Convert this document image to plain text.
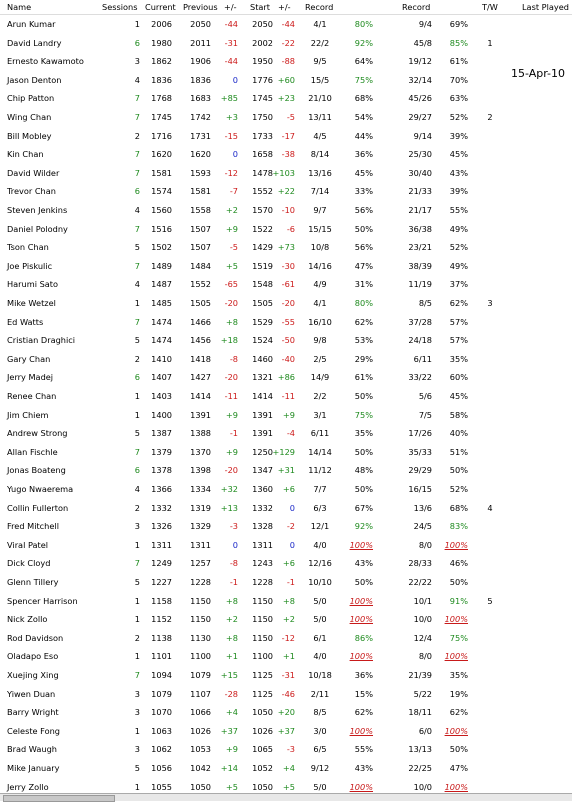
Name	Sessions Current Previous +/- Start +/- Record	Record	T/W	Last Played
15-Apr-10
Arun Kumar	1	2006	2050	-44	2050	-44	4/1	80%	9/4	69%
David Landry	6	1980	2011	-31	2002	-22	22/2	92%	45/8	85% 1
Ernesto Kawamoto	3	1862	1906	-44	1950	-88	9/5	64%	19/12	61%
Jason Denton	4	1836	1836	0	1776 +60	15/5	75%	32/14	70%
Chip Patton	7	1768	1683	+85	1745 +23	21/10	68%	45/26	63%
Wing Chan	7	1745	1742	+3	1750	-5	13/11	54%	29/27	52% 2
Bill Mobley	2	1716	1731	-15	1733	-17	4/5	44%	9/14	39%
Kin Chan	7	1620	1620	0	1658	-38	8/14	36%	25/30	45%
David Wilder	7	1581	1593	-12	1478 +103	13/16	45%	30/40	43%
Trevor Chan	6	1574	1581	-7	1552 +22	7/14	33%	21/33	39%
Steven Jenkins	4	1560	1558	+2	1570	-10	9/7	56%	21/17	55%
Daniel Polodny	7	1516	1507	+9	1522	-6	15/15	50%	36/38	49%
Tson Chan	5	1502	1507	-5	1429 +73	10/8	56%	23/21	52%
Joe Piskulic	7	1489	1484	+5	1519	-30	14/16	47%	38/39	49%
Harumi Sato	4	1487	1552	-65	1548	-61	4/9	31%	11/19	37%
Mike Wetzel	1	1485	1505	-20	1505	-20	4/1	80%	8/5	62% 3
Ed Watts	7	1474	1466	+8	1529	-55	16/10	62%	37/28	57%
Cristian Draghici	5	1474	1456	+18	1524	-50	9/8	53%	24/18	57%
Gary Chan	2	1410	1418	-8	1460	-40	2/5	29%	6/11	35%
Jerry Madej	6	1407	1427	-20	1321 +86	14/9	61%	33/22	60%
Renee Chan	1	1403	1414	-11	1414	-11	2/2	50%	5/6	45%
Jim Chiem	1	1400	1391	+9	1391	+9	3/1	75%	7/5	58%
Andrew Strong	5	1387	1388	-1	1391	-4	6/11	35%	17/26	40%
Allan Fischle	7	1379	1370	+9	1250 +129	14/14	50%	35/33	51%
Jonas Boateng	6	1378	1398	-20	1347 +31	11/12	48%	29/29	50%
Yugo Nwaerema	4	1366	1334	+32	1360	+6	7/7	50%	16/15	52%
Collin Fullerton	2	1332	1319	+13	1332	0	6/3	67%	13/6	68% 4
Fred Mitchell	3	1326	1329	-3	1328	-2	12/1	92%	24/5	83%
Viral Patel	1	1311	1311	0	1311	0	4/0	100%	8/0	100%
Dick Cloyd	7	1249	1257	-8	1243	+6	12/16	43%	28/33	46%
Glenn Tillery	5	1227	1228	-1	1228	-1	10/10	50%	22/22	50%
Spencer Harrison	1	1158	1150	+8	1150	+8	5/0	100%	10/1	91% 5
Nick Zollo	1	1152	1150	+2	1150	+2	5/0	100%	10/0	100%
Rod Davidson	2	1138	1130	+8	1150	-12	6/1	86%	12/4	75%
Oladapo Eso	1	1101	1100	+1	1100	+1	4/0	100%	8/0	100%
Xuejing Xing	7	1094	1079	+15	1125	-31	10/18	36%	21/39	35%
Yiwen Duan	3	1079	1107	-28	1125	-46	2/11	15%	5/22	19%
Barry Wright	3	1070	1066	+4	1050 +20	8/5	62%	18/11	62%
Celeste Fong	1	1063	1026	+37	1026 +37	3/0	100%	6/0	100%
Brad Waugh	3	1062	1053	+9	1065	-3	6/5	55%	13/13	50%
Mike January	5	1056	1042	+14	1052	+4	9/12	43%	22/25	47%
Jerry Zollo	1	1055	1050	+5	1050	+5	5/0	100%	10/0	100%
